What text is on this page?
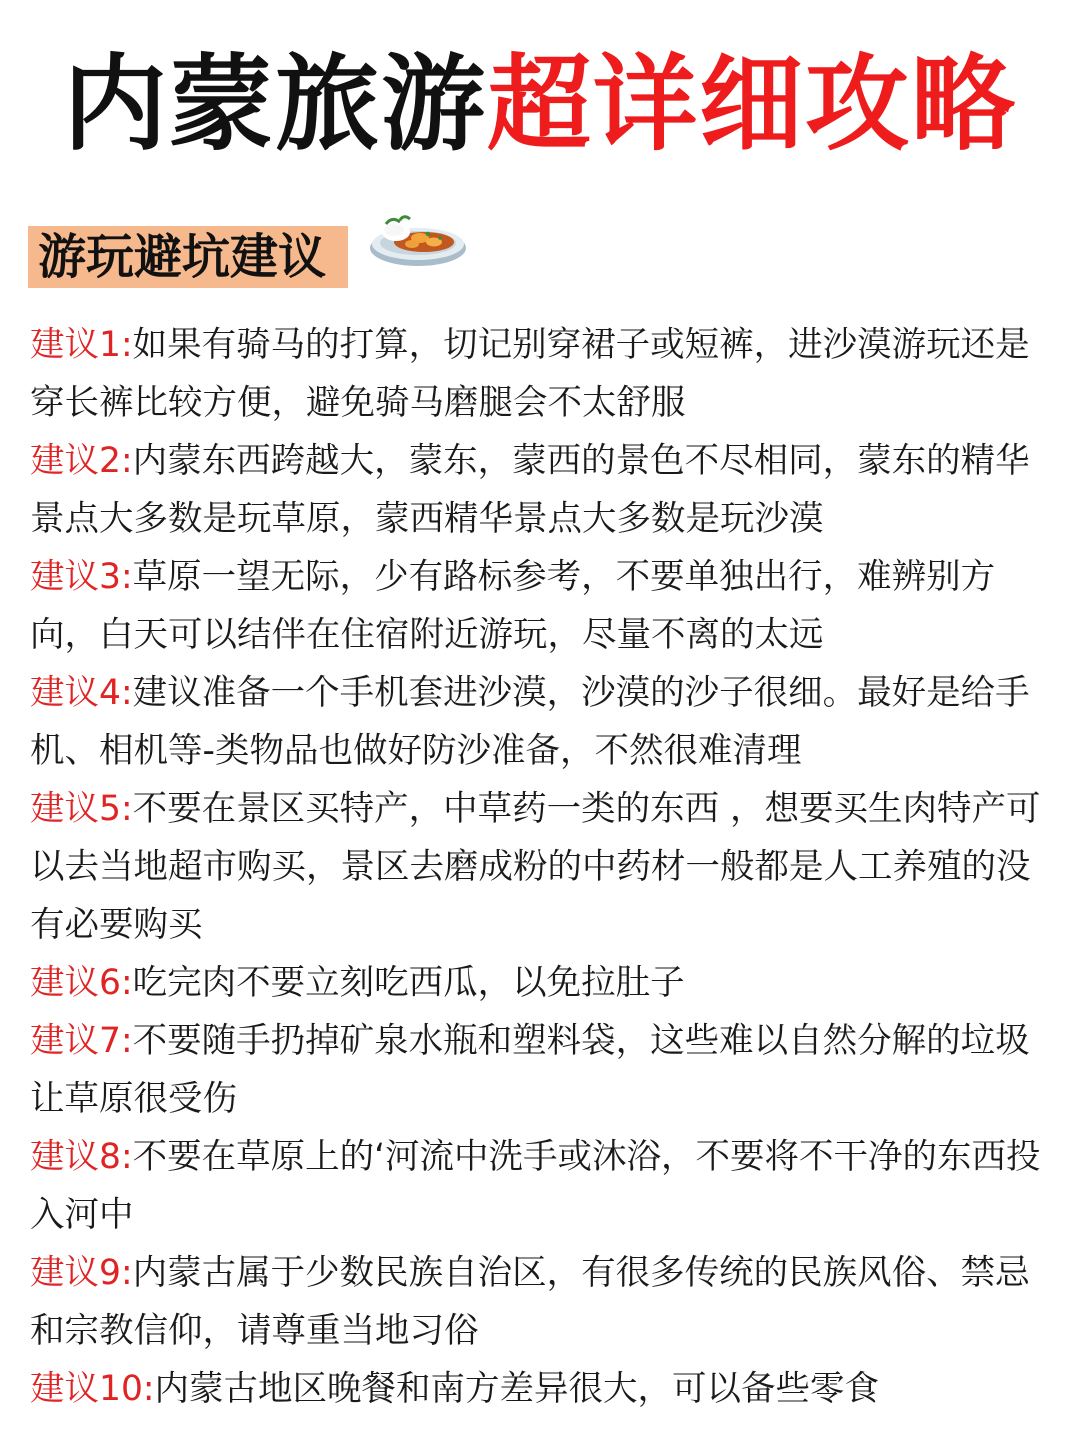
内蒙旅游超详细攻略
游玩避坑建议

建议1:如果有骑马的打算，切记别穿裙子或短裤，进沙漠游玩还是穿长裤比较方便，避免骑马磨腿会不太舒服

建议2:内蒙东西跨越大，蒙东，蒙西的景色不尽相同，蒙东的精华景点大多数是玩草原，蒙西精华景点大多数是玩沙漠

建议3:草原一望无际，少有路标参考，不要单独出行，难辨别方向，白天可以结伴在住宿附近游玩，尽量不离的太远

建议4:建议准备一个手机套进沙漠，沙漠的沙子很细。最好是给手机、相机等-类物品也做好防沙准备，不然很难清理

建议5:不要在景区买特产，中草药一类的东西 ，想要买生肉特产可以去当地超市购买，景区去磨成粉的中药材一般都是人工养殖的没有必要购买

建议6:吃完肉不要立刻吃西瓜，以免拉肚子

建议7:不要随手扔掉矿泉水瓶和塑料袋，这些难以自然分解的垃圾让草原很受伤

建议8:不要在草原上的‘河流中洗手或沐浴，不要将不干净的东西投入河中

建议9:内蒙古属于少数民族自治区，有很多传统的民族风俗、禁忌和宗教信仰，请尊重当地习俗

建议10:内蒙古地区晚餐和南方差异很大，可以备些零食
